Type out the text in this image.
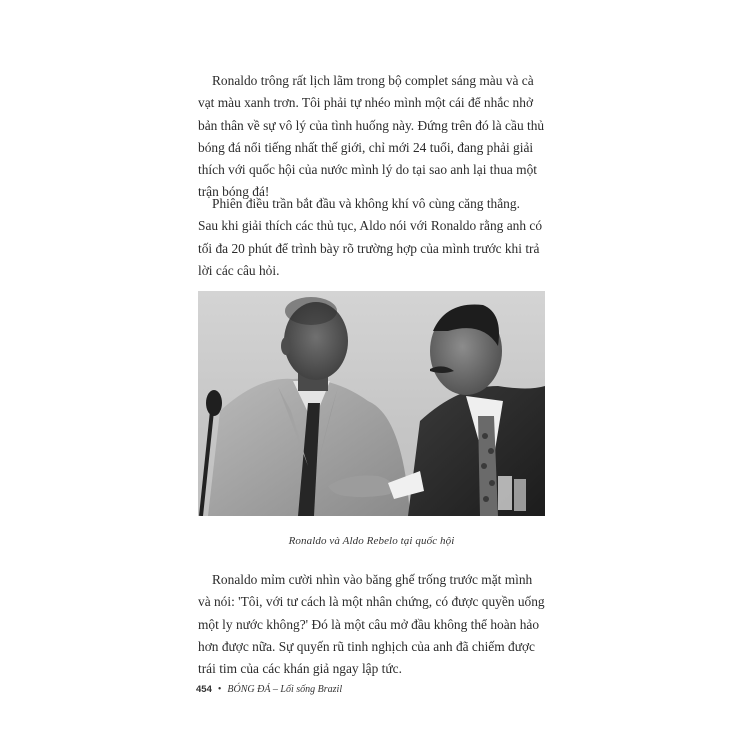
Ronaldo trông rất lịch lãm trong bộ complet sáng màu và cà
vạt màu xanh trơn. Tôi phải tự nhéo mình một cái để nhắc nhở
bản thân về sự vô lý của tình huống này. Đứng trên đó là cầu thủ
bóng đá nổi tiếng nhất thế giới, chỉ mới 24 tuổi, đang phải giải
thích với quốc hội của nước mình lý do tại sao anh lại thua một
trận bóng đá!

Phiên điều trần bắt đầu và không khí vô cùng căng thẳng.
Sau khi giải thích các thủ tục, Aldo nói với Ronaldo rằng anh có
tối đa 20 phút để trình bày rõ trường hợp của mình trước khi trả
lời các câu hỏi.

Ronaldo và Aldo Rebelo tại quốc hội

Ronaldo mỉm cười nhìn vào băng ghế trống trước mặt mình
và nói: 'Tôi, với tư cách là một nhân chứng, có được quyền uống
một ly nước không?' Đó là một câu mở đầu không thể hoàn hảo
hơn được nữa. Sự quyến rũ tinh nghịch của anh đã chiếm được
trái tim của các khán giả ngay lập tức.

454 • BÓNG ĐÁ – Lối sống Brazil
